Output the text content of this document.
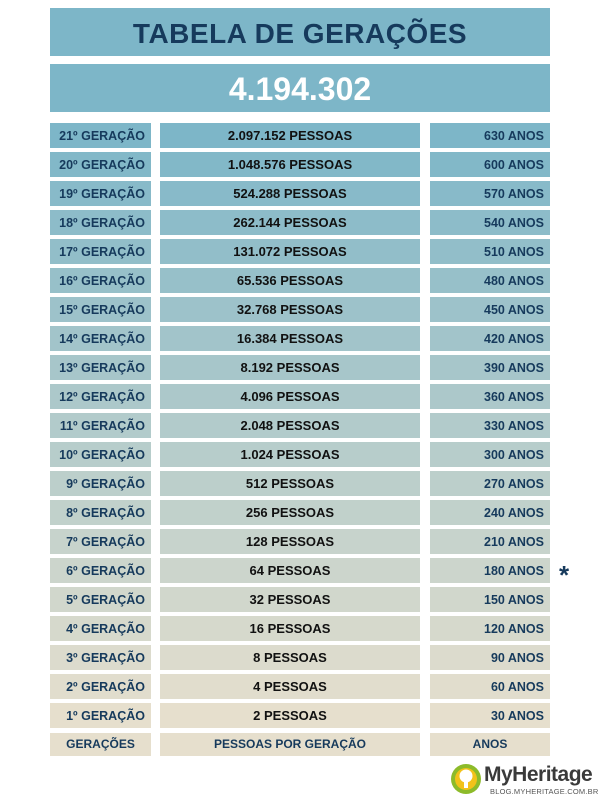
TABELA DE GERAÇÕES
4.194.302
21º GERAÇÃO	2.097.152 PESSOAS	630 ANOS
20º GERAÇÃO	1.048.576 PESSOAS	600 ANOS
19º GERAÇÃO	524.288 PESSOAS	570 ANOS
18º GERAÇÃO	262.144 PESSOAS	540 ANOS
17º GERAÇÃO	131.072 PESSOAS	510 ANOS
16º GERAÇÃO	65.536 PESSOAS	480 ANOS
15º GERAÇÃO	32.768 PESSOAS	450 ANOS
14º GERAÇÃO	16.384 PESSOAS	420 ANOS
13º GERAÇÃO	8.192 PESSOAS	390 ANOS
12º GERAÇÃO	4.096 PESSOAS	360 ANOS
11º GERAÇÃO	2.048 PESSOAS	330 ANOS
10º GERAÇÃO	1.024 PESSOAS	300 ANOS
9º GERAÇÃO	512 PESSOAS	270 ANOS
8º GERAÇÃO	256 PESSOAS	240 ANOS
7º GERAÇÃO	128 PESSOAS	210 ANOS
6º GERAÇÃO	64 PESSOAS	180 ANOS *
5º GERAÇÃO	32 PESSOAS	150 ANOS
4º GERAÇÃO	16 PESSOAS	120 ANOS
3º GERAÇÃO	8 PESSOAS	90 ANOS
2º GERAÇÃO	4 PESSOAS	60 ANOS
1º GERAÇÃO	2 PESSOAS	30 ANOS
GERAÇÕES	PESSOAS POR GERAÇÃO	ANOS
MyHeritage
BLOG.MYHERITAGE.COM.BR
